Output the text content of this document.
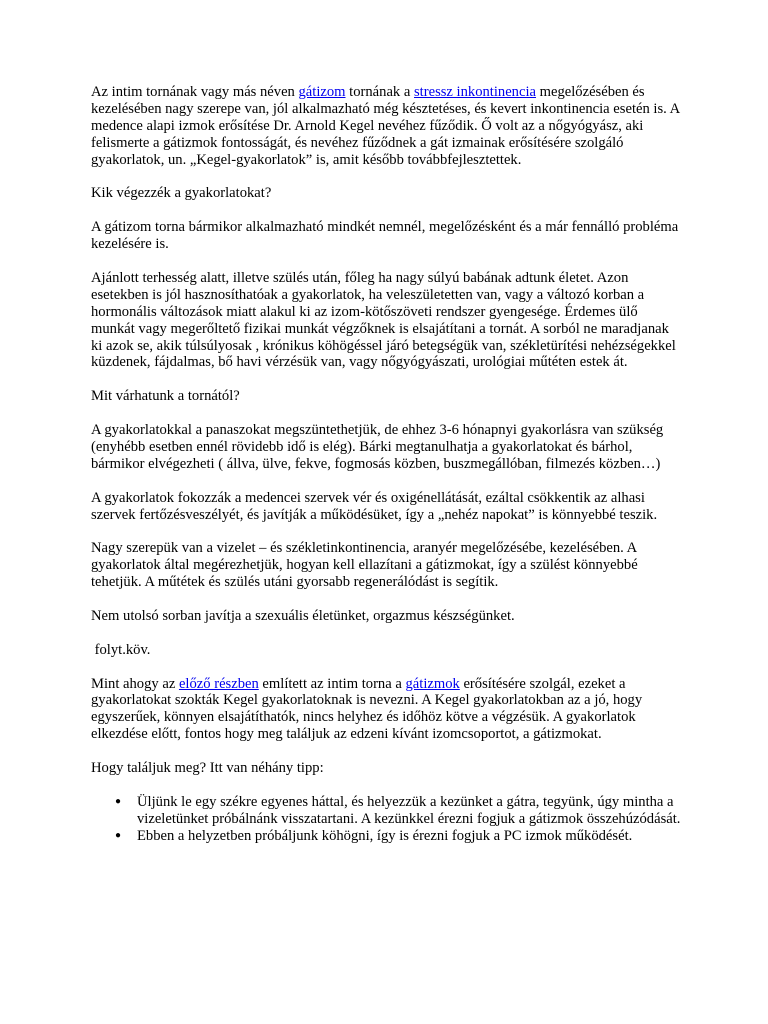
Az intim tornának vagy más néven gátizom tornának a stressz inkontinencia megelőzésében és kezelésében nagy szerepe van, jól alkalmazható még késztetéses, és kevert inkontinencia esetén is. A medence alapi izmok erősítése Dr. Arnold Kegel nevéhez fűződik. Ő volt az a nőgyógyász, aki felismerte a gátizmok fontosságát, és nevéhez fűződnek a gát izmainak erősítésére szolgáló gyakorlatok, un. „Kegel-gyakorlatok” is, amit később továbbfejlesztettek.

Kik végezzék a gyakorlatokat?

A gátizom torna bármikor alkalmazható mindkét nemnél, megelőzésként és a már fennálló probléma kezelésére is.

Ajánlott terhesség alatt, illetve szülés után, főleg ha nagy súlyú babának adtunk életet. Azon esetekben is jól hasznosíthatóak a gyakorlatok, ha veleszületetten van, vagy a változó korban a hormonális változások miatt alakul ki az izom-kötőszöveti rendszer gyengesége. Érdemes ülő munkát vagy megerőltető fizikai munkát végzőknek is elsajátítani a tornát. A sorból ne maradjanak ki azok se, akik túlsúlyosak , krónikus köhögéssel járó betegségük van, székletürítési nehézségekkel küzdenek, fájdalmas, bő havi vérzésük van, vagy nőgyógyászati, urológiai műtéten estek át.

Mit várhatunk a tornától?

A gyakorlatokkal a panaszokat megszüntethetjük, de ehhez 3-6 hónapnyi gyakorlásra van szükség (enyhébb esetben ennél rövidebb idő is elég). Bárki megtanulhatja a gyakorlatokat és bárhol, bármikor elvégezheti ( állva, ülve, fekve, fogmosás közben, buszmegállóban, filmezés közben…)

A gyakorlatok fokozzák a medencei szervek vér és oxigénellátását, ezáltal csökkentik az alhasi szervek fertőzésveszélyét, és javítják a működésüket, így a „nehéz napokat” is könnyebbé teszik.

Nagy szerepük van a vizelet – és székletinkontinencia, aranyér megelőzésébe, kezelésében. A gyakorlatok által megérezhetjük, hogyan kell ellazítani a gátizmokat, így a szülést könnyebbé tehetjük. A műtétek és szülés utáni gyorsabb regenerálódást is segítik.

Nem utolsó sorban javítja a szexuális életünket, orgazmus készségünket.

folyt.köv.

Mint ahogy az előző részben említett az intim torna a gátizmok erősítésére szolgál, ezeket a gyakorlatokat szokták Kegel gyakorlatoknak is nevezni. A Kegel gyakorlatokban az a jó, hogy egyszerűek, könnyen elsajátíthatók, nincs helyhez és időhöz kötve a végzésük. A gyakorlatok elkezdése előtt, fontos hogy meg találjuk az edzeni kívánt izomcsoportot, a gátizmokat.

Hogy találjuk meg? Itt van néhány tipp:

● Üljünk le egy székre egyenes háttal, és helyezzük a kezünket a gátra, tegyünk, úgy mintha a vizeletünket próbálnánk visszatartani. A kezünkkel érezni fogjuk a gátizmok összehúzódását.
● Ebben a helyzetben próbáljunk köhögni, így is érezni fogjuk a PC izmok működését.
